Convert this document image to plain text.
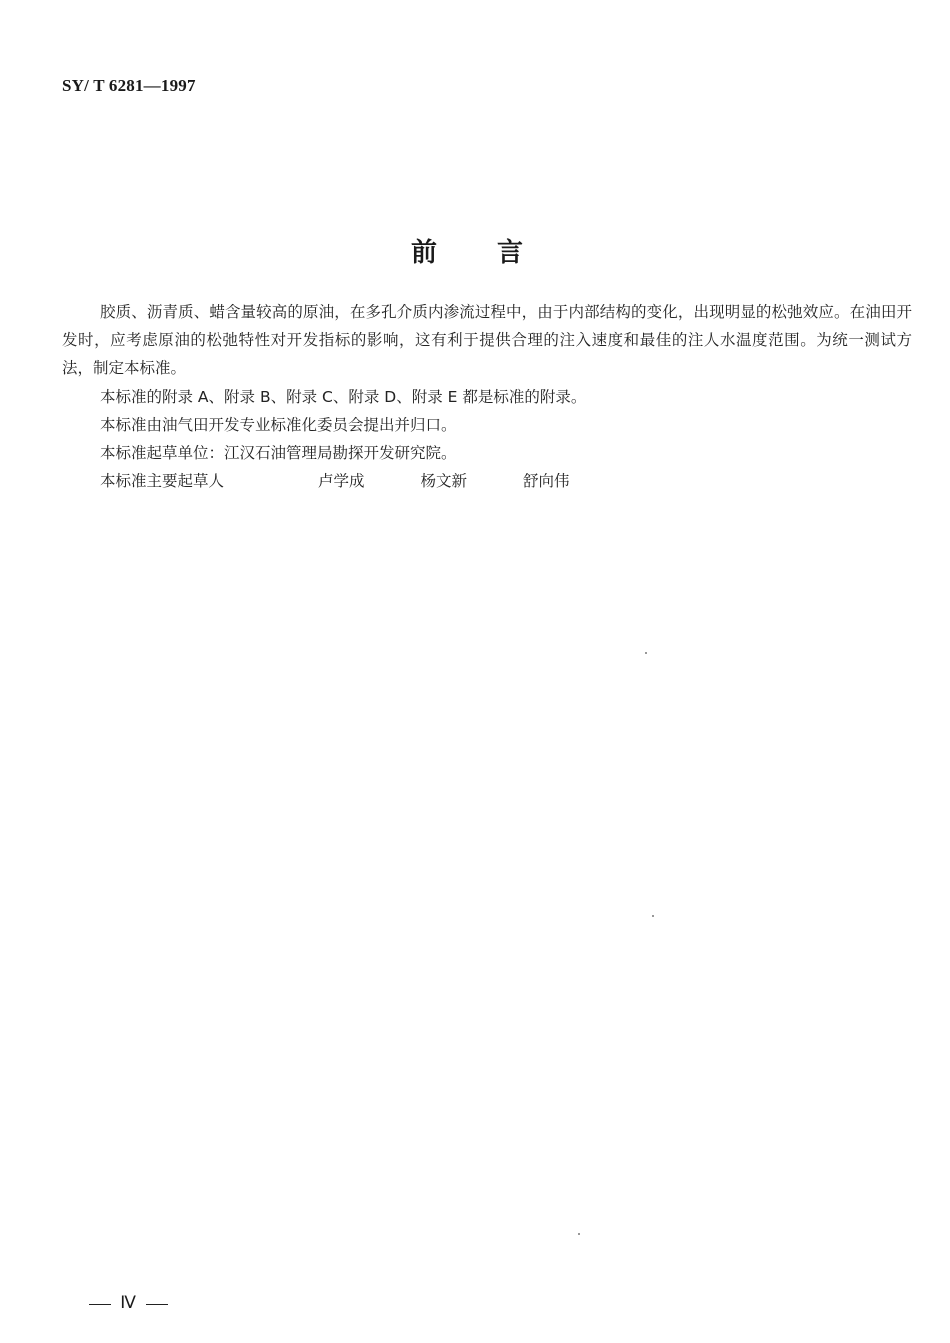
SY/ T 6281—1997
前言

胶质、沥青质、蜡含量较高的原油，在多孔介质内渗流过程中，由于内部结构的变化，出现明显的松弛效应。在油田开发时，应考虑原油的松弛特性对开发指标的影响，这有利于提供合理的注入速度和最佳的注人水温度范围。为统一测试方法，制定本标准。

本标准的附录 A、附录 B、附录 C、附录 D、附录 E 都是标准的附录。

本标准由油气田开发专业标准化委员会提出并归口。

本标准起草单位：江汉石油管理局勘探开发研究院。

本标准主要起草人	卢学成	杨文新	舒向伟

Ⅳ
